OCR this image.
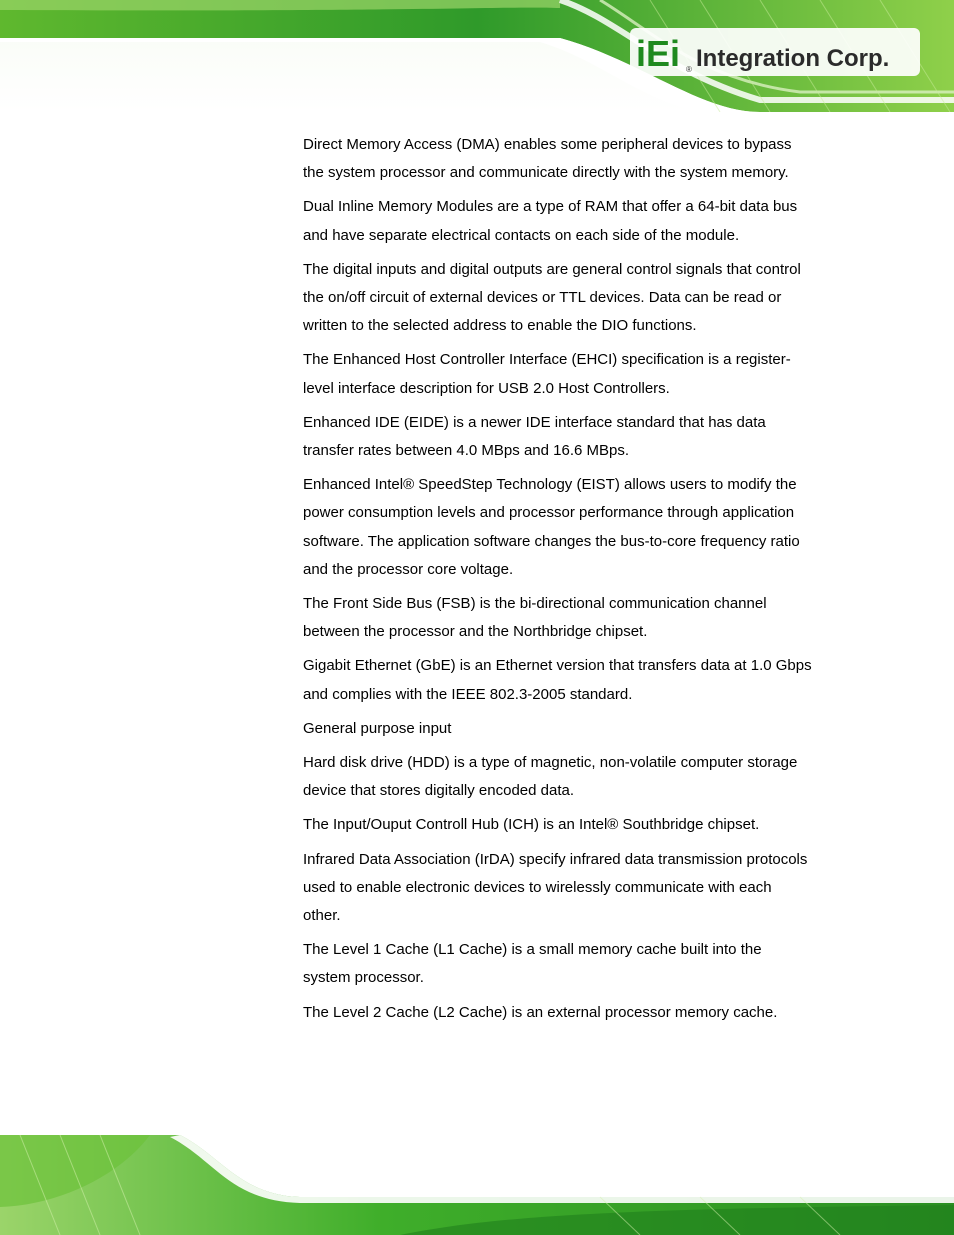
iEi ® Integration Corp.

Direct Memory Access (DMA) enables some peripheral devices to bypass the system processor and communicate directly with the system memory.

Dual Inline Memory Modules are a type of RAM that offer a 64-bit data bus and have separate electrical contacts on each side of the module.

The digital inputs and digital outputs are general control signals that control the on/off circuit of external devices or TTL devices. Data can be read or written to the selected address to enable the DIO functions.

The Enhanced Host Controller Interface (EHCI) specification is a register-level interface description for USB 2.0 Host Controllers.

Enhanced IDE (EIDE) is a newer IDE interface standard that has data transfer rates between 4.0 MBps and 16.6 MBps.

Enhanced Intel® SpeedStep Technology (EIST) allows users to modify the power consumption levels and processor performance through application software. The application software changes the bus-to-core frequency ratio and the processor core voltage.

The Front Side Bus (FSB) is the bi-directional communication channel between the processor and the Northbridge chipset.

Gigabit Ethernet (GbE) is an Ethernet version that transfers data at 1.0 Gbps and complies with the IEEE 802.3-2005 standard.

General purpose input

Hard disk drive (HDD) is a type of magnetic, non-volatile computer storage device that stores digitally encoded data.

The Input/Ouput Controll Hub (ICH) is an Intel® Southbridge chipset.

Infrared Data Association (IrDA) specify infrared data transmission protocols used to enable electronic devices to wirelessly communicate with each other.

The Level 1 Cache (L1 Cache) is a small memory cache built into the system processor.

The Level 2 Cache (L2 Cache) is an external processor memory cache.
